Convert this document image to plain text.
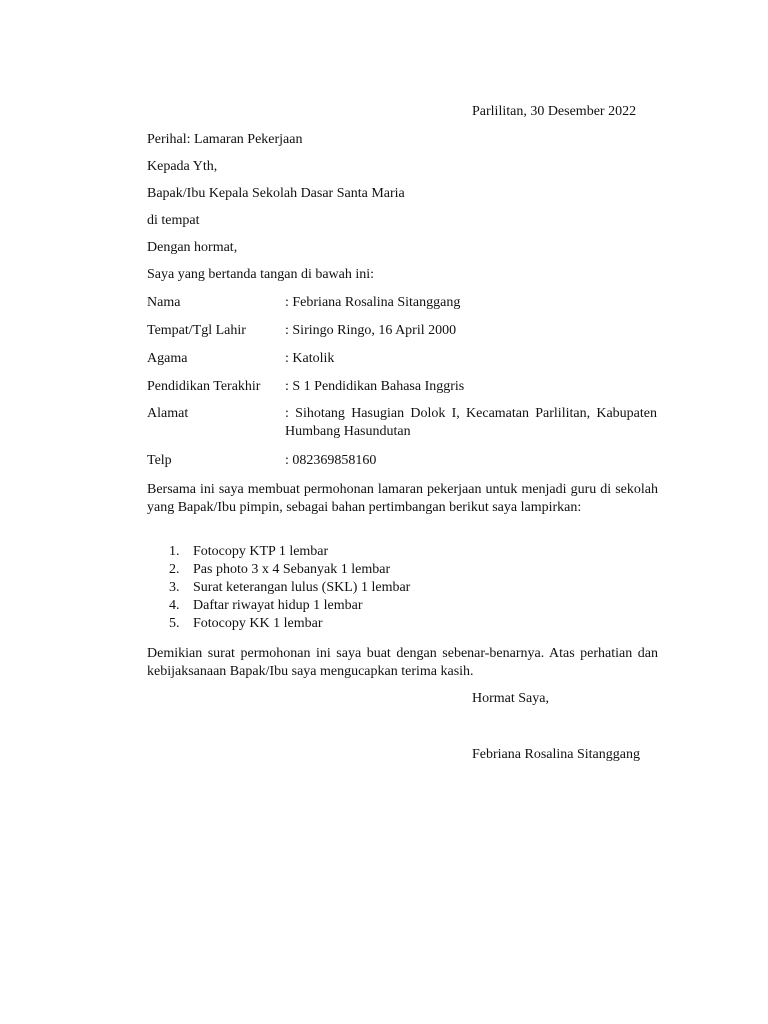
Parlilitan, 30 Desember 2022
Perihal: Lamaran Pekerjaan
Kepada Yth,
Bapak/Ibu Kepala Sekolah Dasar Santa Maria
di tempat
Dengan hormat,
Saya yang bertanda tangan di bawah ini:
Nama	: Febriana Rosalina Sitanggang
Tempat/Tgl Lahir	: Siringo Ringo, 16 April 2000
Agama	: Katolik
Pendidikan Terakhir : S 1 Pendidikan Bahasa Inggris
Alamat	: Sihotang Hasugian Dolok I, Kecamatan Parlilitan, Kabupaten Humbang Hasundutan
Telp	: 082369858160
Bersama ini saya membuat permohonan lamaran pekerjaan untuk menjadi guru di sekolah yang Bapak/Ibu pimpin, sebagai bahan pertimbangan berikut saya lampirkan:
1. Fotocopy KTP 1 lembar
2. Pas photo 3 x 4 Sebanyak 1 lembar
3. Surat keterangan lulus (SKL) 1 lembar
4. Daftar riwayat hidup 1 lembar
5. Fotocopy KK 1 lembar
Demikian surat permohonan ini saya buat dengan sebenar-benarnya. Atas perhatian dan kebijaksanaan Bapak/Ibu saya mengucapkan terima kasih.
Hormat Saya,
Febriana Rosalina Sitanggang
